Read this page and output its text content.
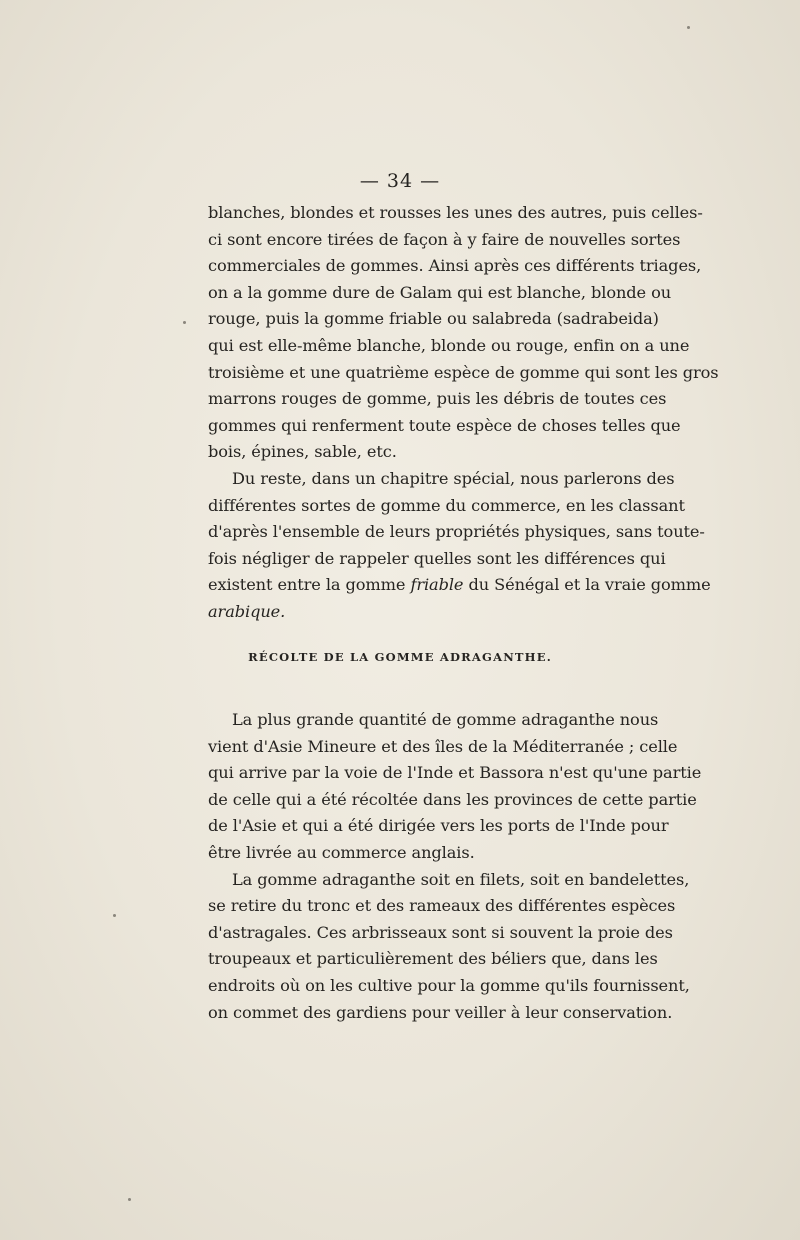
— 34 —
blanches, blondes et rousses les unes des autres, puis celles-
ci sont encore tirées de façon à y faire de nouvelles sortes
commerciales de gommes. Ainsi après ces différents triages,
on a la gomme dure de Galam qui est blanche, blonde ou
rouge, puis la gomme friable ou salabreda (sadrabeida)
qui est elle-même blanche, blonde ou rouge, enfin on a une
troisième et une quatrième espèce de gomme qui sont les gros
marrons rouges de gomme, puis les débris de toutes ces
gommes qui renferment toute espèce de choses telles que
bois, épines, sable, etc.
Du reste, dans un chapitre spécial, nous parlerons des
différentes sortes de gomme du commerce, en les classant
d'après l'ensemble de leurs propriétés physiques, sans toute-
fois négliger de rappeler quelles sont les différences qui
existent entre la gomme friable du Sénégal et la vraie gomme
arabique.
RÉCOLTE DE LA GOMME ADRAGANTHE.
La plus grande quantité de gomme adraganthe nous
vient d'Asie Mineure et des îles de la Méditerranée ; celle
qui arrive par la voie de l'Inde et Bassora n'est qu'une partie
de celle qui a été récoltée dans les provinces de cette partie
de l'Asie et qui a été dirigée vers les ports de l'Inde pour
être livrée au commerce anglais.
La gomme adraganthe soit en filets, soit en bandelettes,
se retire du tronc et des rameaux des différentes espèces
d'astragales. Ces arbrisseaux sont si souvent la proie des
troupeaux et particulièrement des béliers que, dans les
endroits où on les cultive pour la gomme qu'ils fournissent,
on commet des gardiens pour veiller à leur conservation.
